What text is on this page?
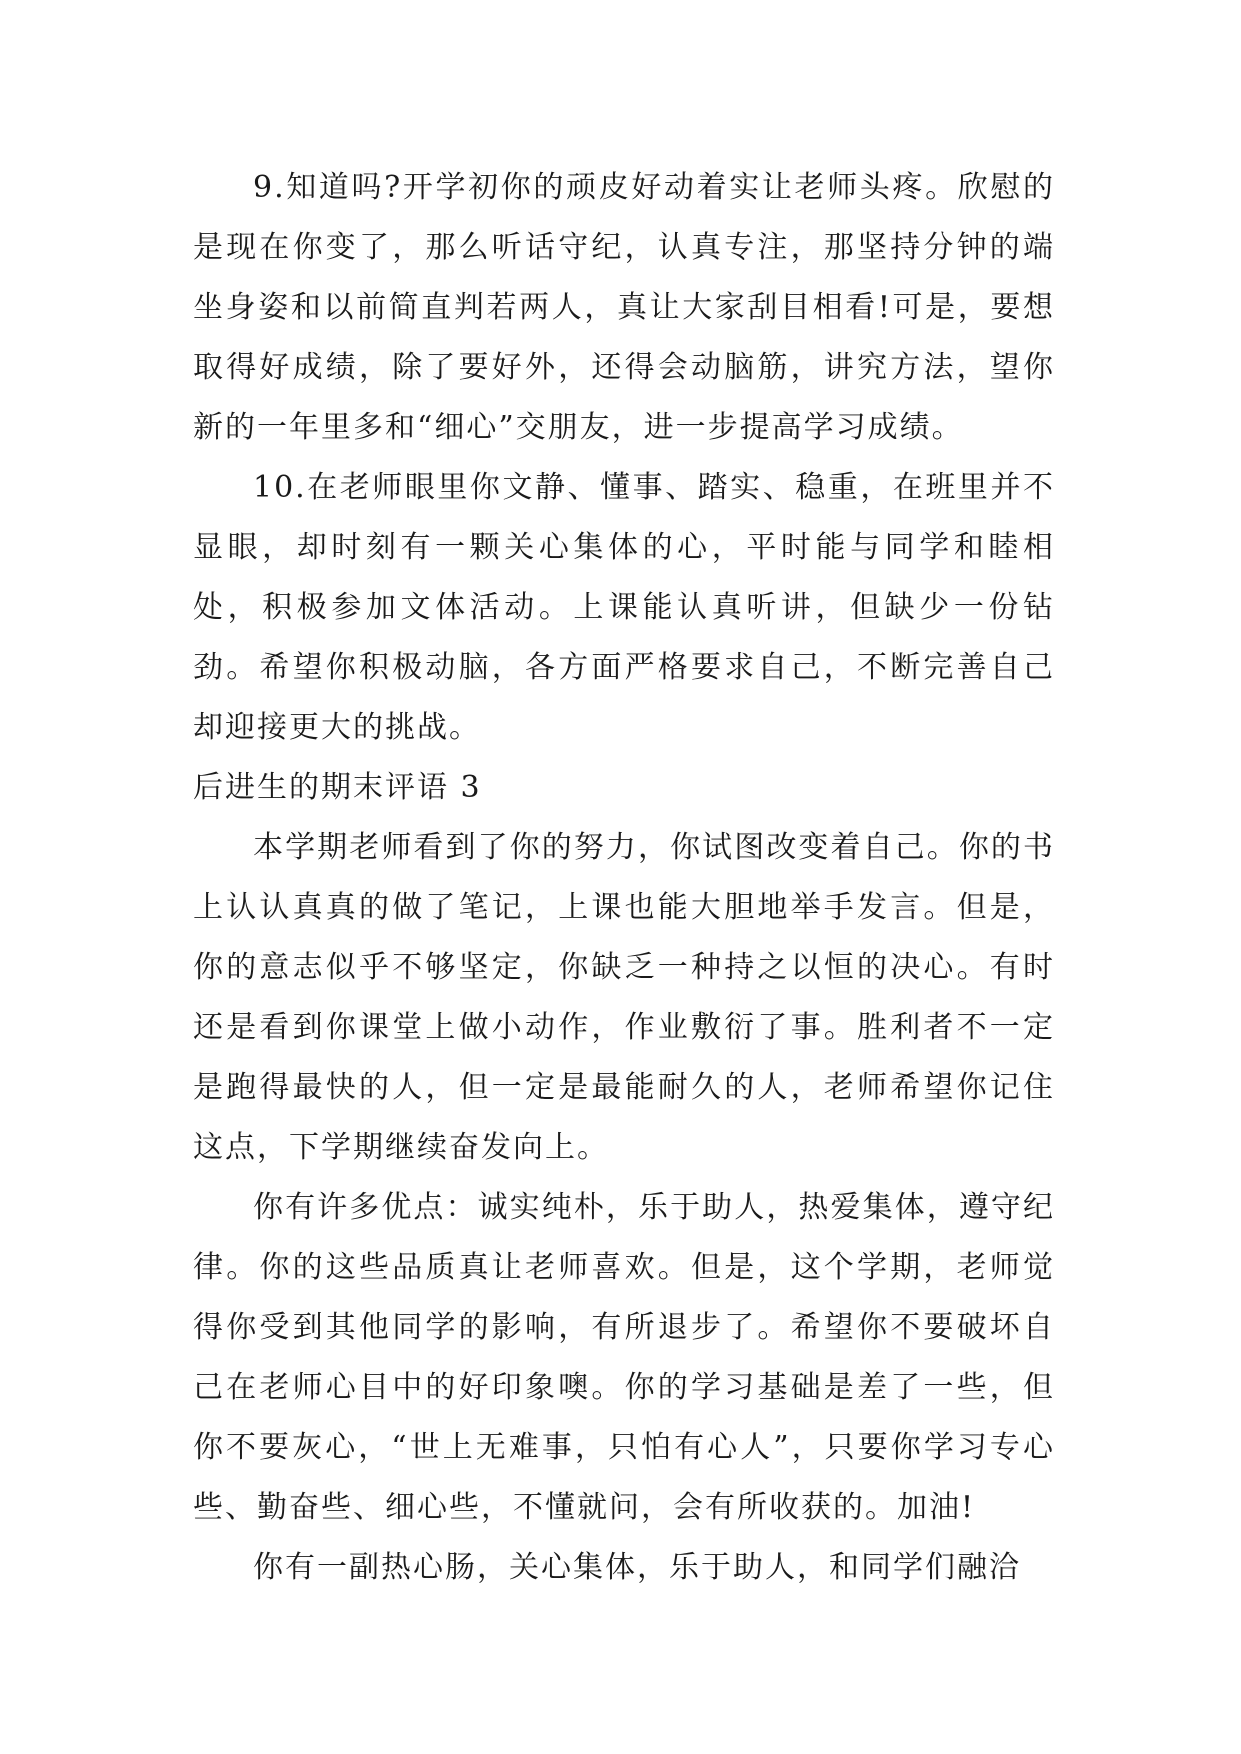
9.知道吗?开学初你的顽皮好动着实让老师头疼。欣慰的是现在你变了，那么听话守纪，认真专注，那坚持分钟的端坐身姿和以前简直判若两人，真让大家刮目相看!可是，要想取得好成绩，除了要好外，还得会动脑筋，讲究方法，望你新的一年里多和“细心”交朋友，进一步提高学习成绩。

10.在老师眼里你文静、懂事、踏实、稳重，在班里并不显眼，却时刻有一颗关心集体的心，平时能与同学和睦相处，积极参加文体活动。上课能认真听讲，但缺少一份钻劲。希望你积极动脑，各方面严格要求自己，不断完善自己却迎接更大的挑战。

后进生的期末评语 3

本学期老师看到了你的努力，你试图改变着自己。你的书上认认真真的做了笔记，上课也能大胆地举手发言。但是，你的意志似乎不够坚定，你缺乏一种持之以恒的决心。有时还是看到你课堂上做小动作，作业敷衍了事。胜利者不一定是跑得最快的人，但一定是最能耐久的人，老师希望你记住这点，下学期继续奋发向上。

你有许多优点：诚实纯朴，乐于助人，热爱集体，遵守纪律。你的这些品质真让老师喜欢。但是，这个学期，老师觉得你受到其他同学的影响，有所退步了。希望你不要破坏自己在老师心目中的好印象噢。你的学习基础是差了一些，但你不要灰心，“世上无难事，只怕有心人”，只要你学习专心些、勤奋些、细心些，不懂就问，会有所收获的。加油!

你有一副热心肠，关心集体，乐于助人，和同学们融洽
